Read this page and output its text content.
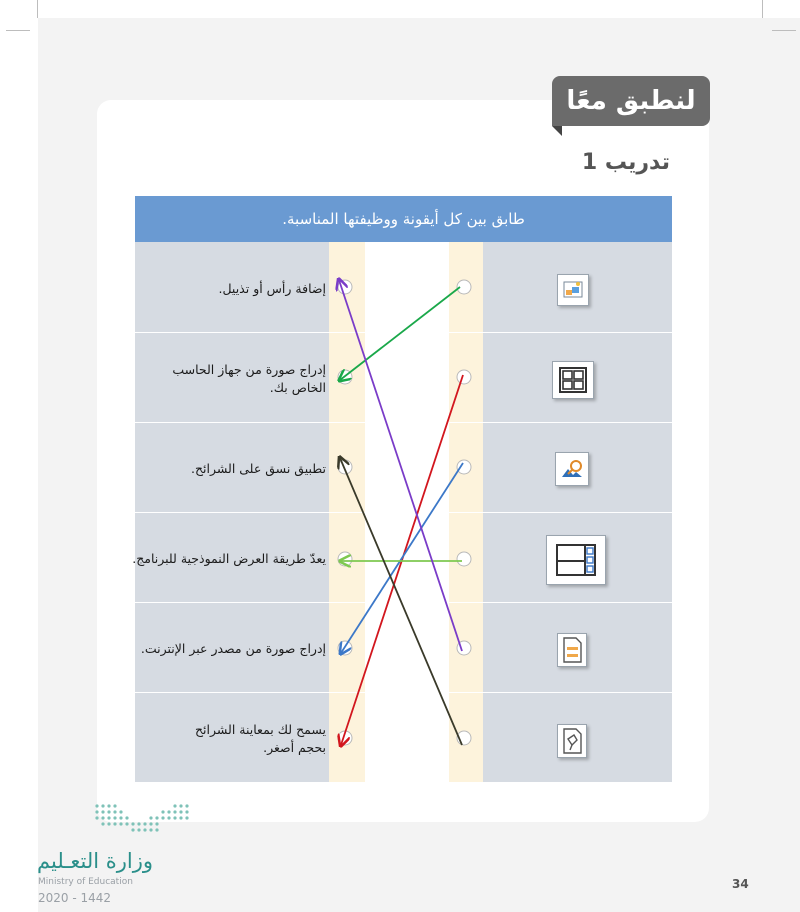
لنطبق معًا
تدريب 1
طابق بين كل أيقونة ووظيفتها المناسبة.
إضافة رأس أو تذييل.
إدراج صورة من جهاز الحاسب الخاص بك.
تطبيق نسق على الشرائح.
يعدّ طريقة العرض النموذجية للبرنامج.
إدراج صورة من مصدر عبر الإنترنت.
يسمح لك بمعاينة الشرائح بحجم أصغر.
وزارة التعـليم
Ministry of Education
2020 - 1442
34
